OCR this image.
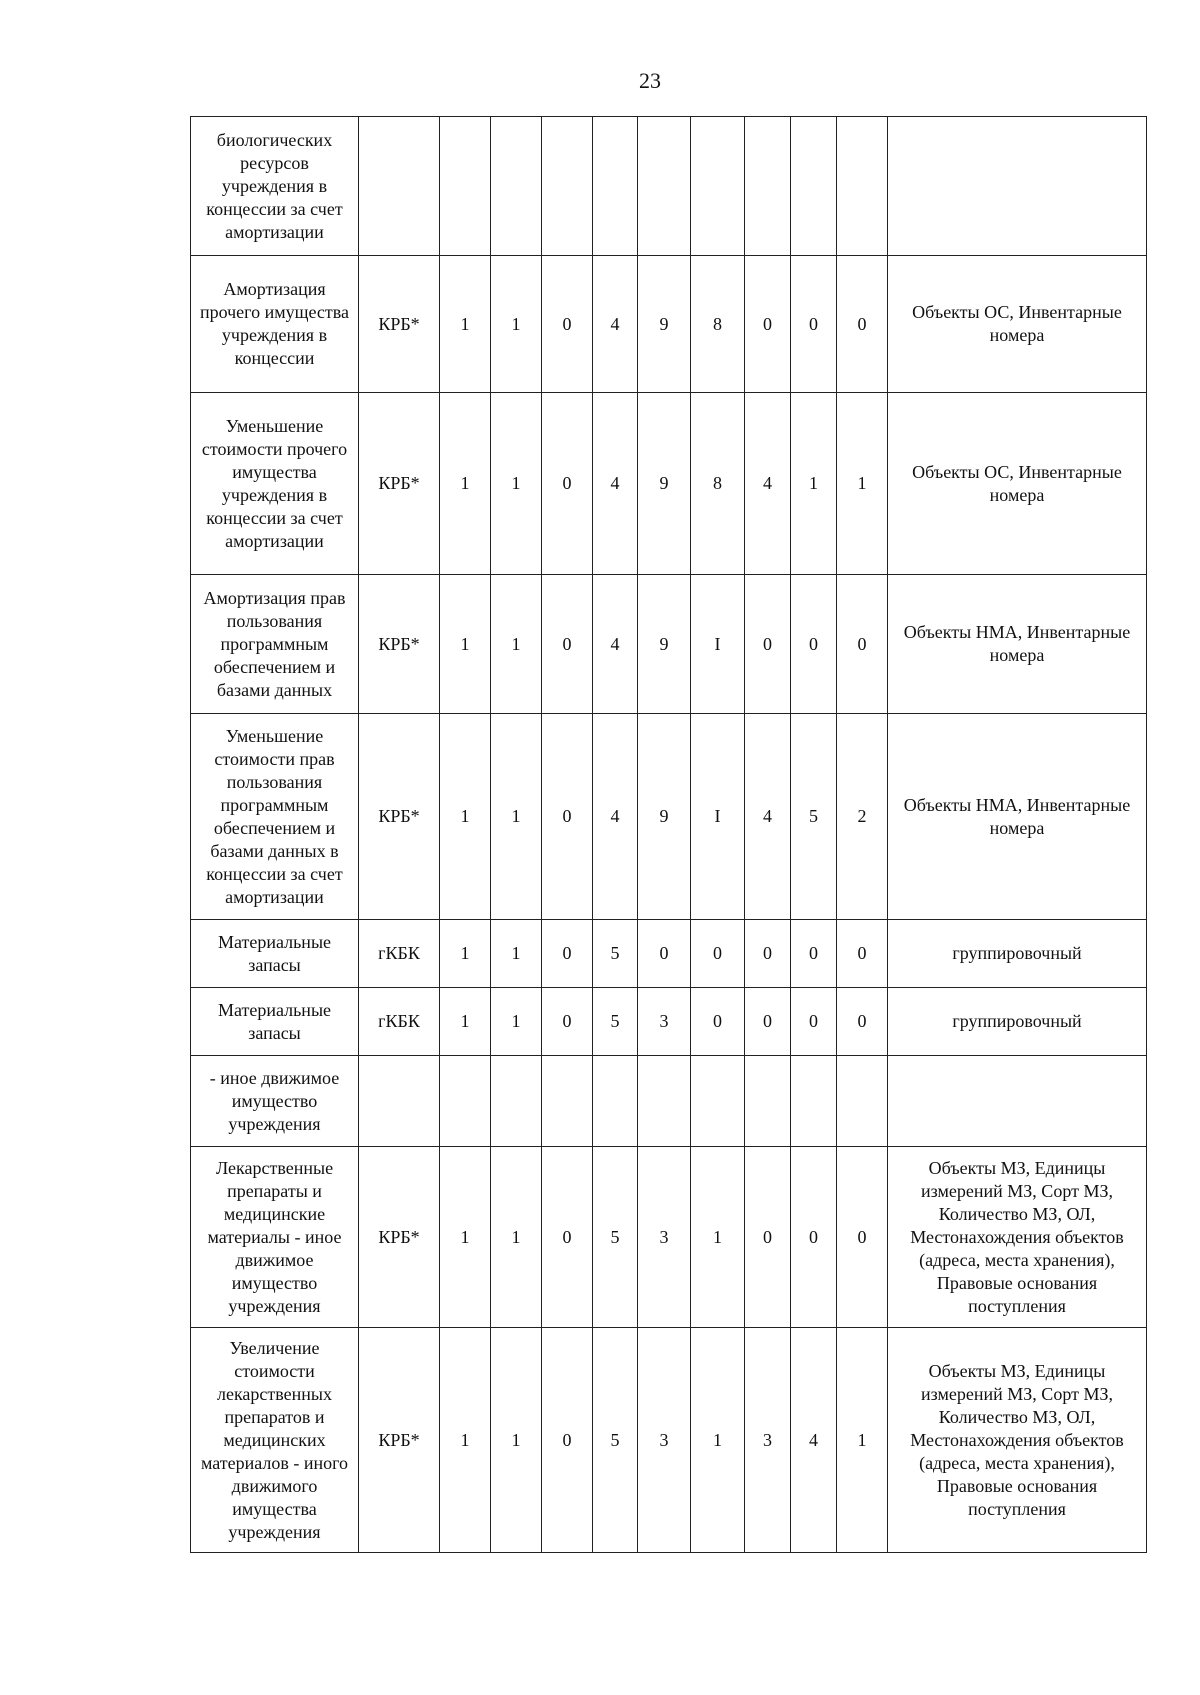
23
биологических ресурсов учреждения в концессии за счет амортизации											
Амортизация прочего имущества учреждения в концессии	КРБ*	1	1	0	4	9	8	0	0	0	Объекты ОС, Инвентарные номера
Уменьшение стоимости прочего имущества учреждения в концессии за счет амортизации	КРБ*	1	1	0	4	9	8	4	1	1	Объекты ОС, Инвентарные номера
Амортизация прав пользования программным обеспечением и базами данных	КРБ*	1	1	0	4	9	I	0	0	0	Объекты НМА, Инвентарные номера
Уменьшение стоимости прав пользования программным обеспечением и базами данных в концессии за счет амортизации	КРБ*	1	1	0	4	9	I	4	5	2	Объекты НМА, Инвентарные номера
Материальные запасы	гКБК	1	1	0	5	0	0	0	0	0	группировочный
Материальные запасы	гКБК	1	1	0	5	3	0	0	0	0	группировочный
- иное движимое имущество учреждения											
Лекарственные препараты и медицинские материалы - иное движимое имущество учреждения	КРБ*	1	1	0	5	3	1	0	0	0	Объекты МЗ, Единицы измерений МЗ, Сорт МЗ, Количество МЗ, ОЛ, Местонахождения объектов (адреса, места хранения), Правовые основания поступления
Увеличение стоимости лекарственных препаратов и медицинских материалов - иного движимого имущества учреждения	КРБ*	1	1	0	5	3	1	3	4	1	Объекты МЗ, Единицы измерений МЗ, Сорт МЗ, Количество МЗ, ОЛ, Местонахождения объектов (адреса, места хранения), Правовые основания поступления
